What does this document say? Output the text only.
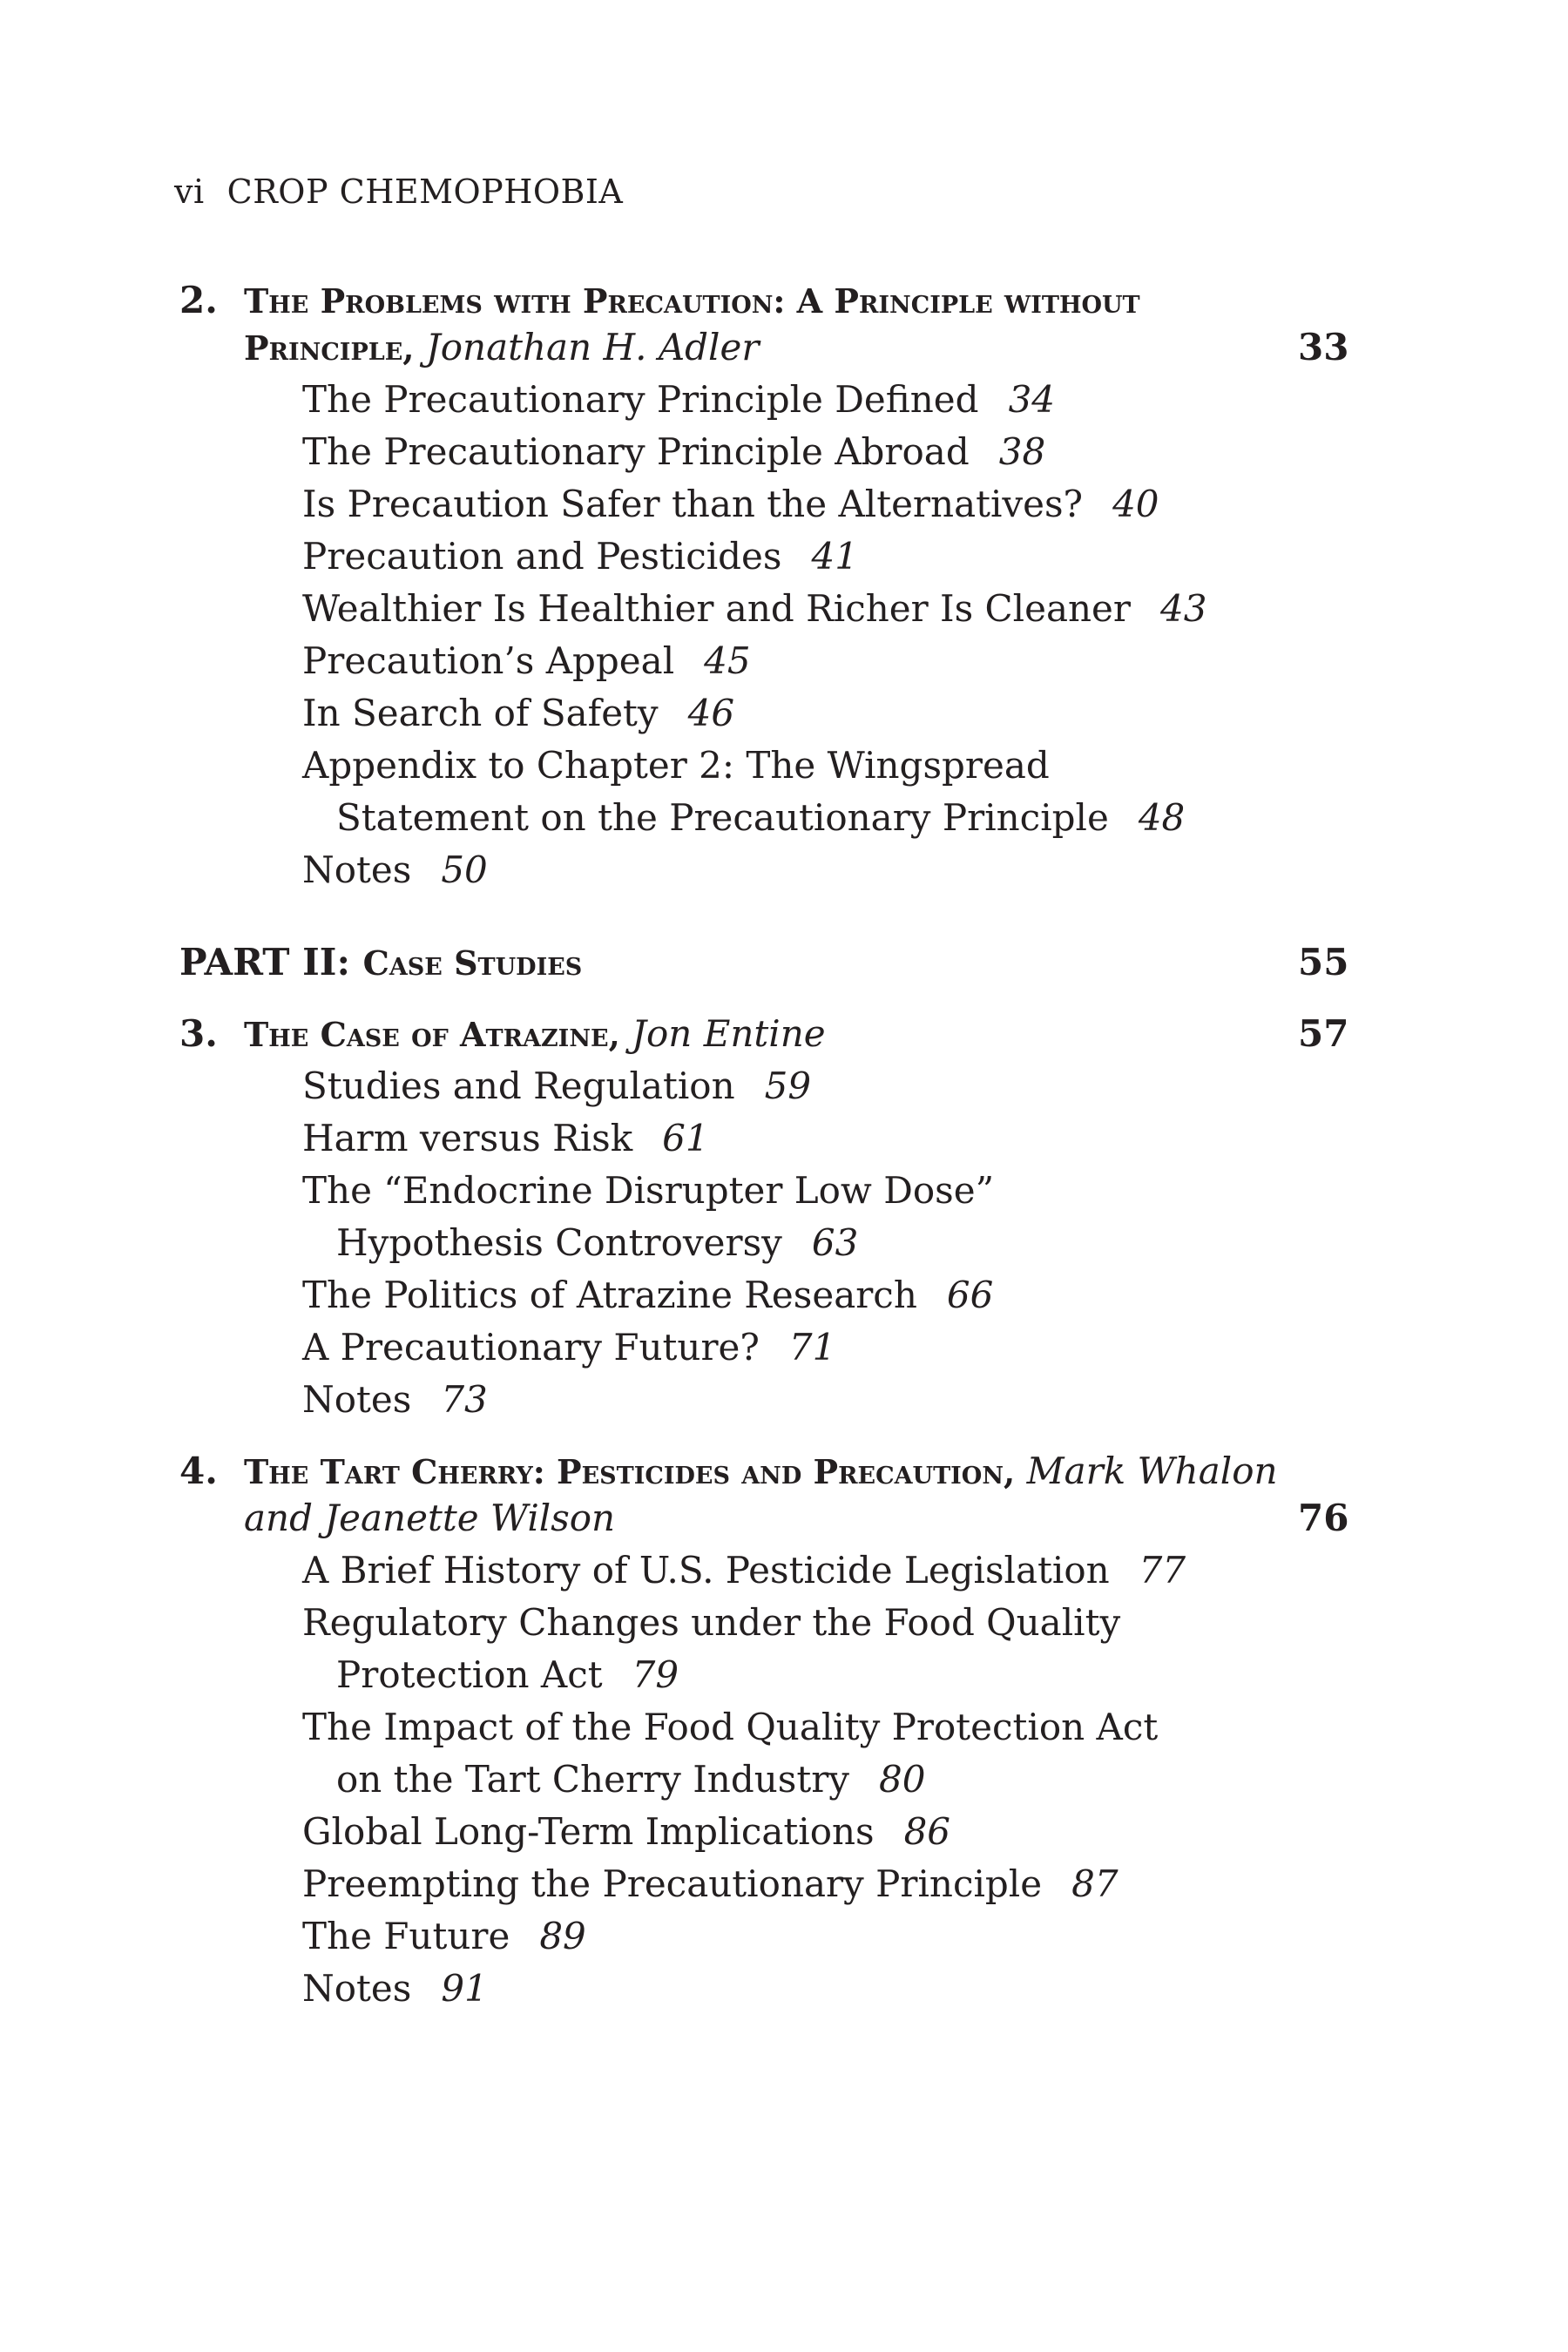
vi CROP CHEMOPHOBIA
2. The Problems with Precaution: A Principle without
Principle, Jonathan H. Adler	33
The Precautionary Principle Defined 34
The Precautionary Principle Abroad 38
Is Precaution Safer than the Alternatives? 40
Precaution and Pesticides 41
Wealthier Is Healthier and Richer Is Cleaner 43
Precaution’s Appeal 45
In Search of Safety 46
Appendix to Chapter 2: The Wingspread
Statement on the Precautionary Principle 48
Notes 50
PART II: Case Studies	55
3. The Case of Atrazine, Jon Entine	57
Studies and Regulation 59
Harm versus Risk 61
The “Endocrine Disrupter Low Dose”
Hypothesis Controversy 63
The Politics of Atrazine Research 66
A Precautionary Future? 71
Notes 73
4. The Tart Cherry: Pesticides and Precaution, Mark Whalon
and Jeanette Wilson	76
A Brief History of U.S. Pesticide Legislation 77
Regulatory Changes under the Food Quality
Protection Act 79
The Impact of the Food Quality Protection Act
on the Tart Cherry Industry 80
Global Long-Term Implications 86
Preempting the Precautionary Principle 87
The Future 89
Notes 91
